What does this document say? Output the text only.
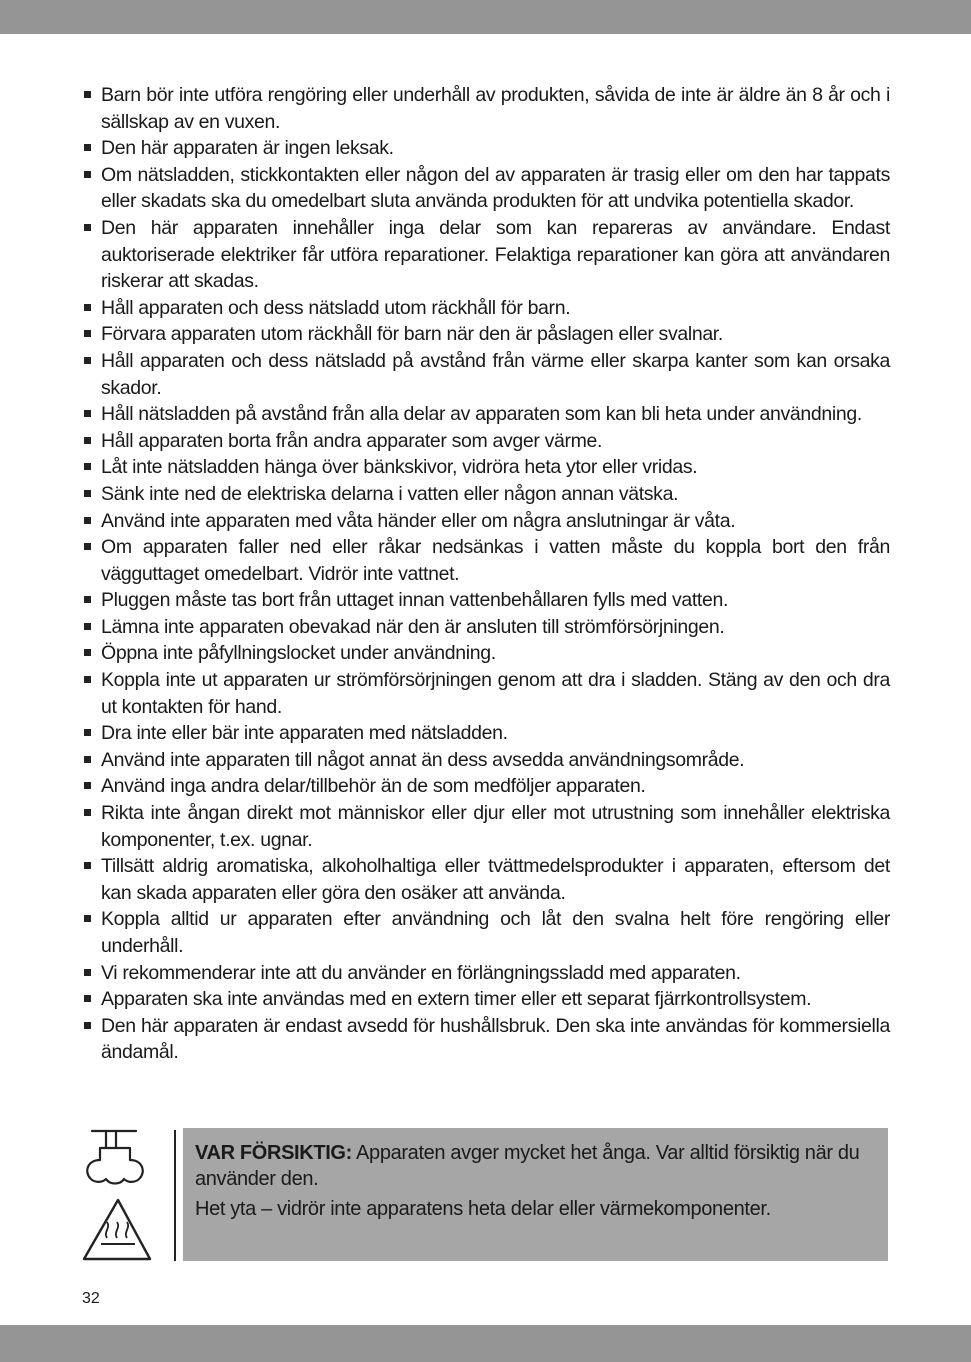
Barn bör inte utföra rengöring eller underhåll av produkten, såvida de inte är äldre än 8 år och i sällskap av en vuxen.
Den här apparaten är ingen leksak.
Om nätsladden, stickkontakten eller någon del av apparaten är trasig eller om den har tappats eller skadats ska du omedelbart sluta använda produkten för att undvika potentiella skador.
Den här apparaten innehåller inga delar som kan repareras av användare. Endast auktoriserade elektriker får utföra reparationer. Felaktiga reparationer kan göra att användaren riskerar att skadas.
Håll apparaten och dess nätsladd utom räckhåll för barn.
Förvara apparaten utom räckhåll för barn när den är påslagen eller svalnar.
Håll apparaten och dess nätsladd på avstånd från värme eller skarpa kanter som kan orsaka skador.
Håll nätsladden på avstånd från alla delar av apparaten som kan bli heta under användning.
Håll apparaten borta från andra apparater som avger värme.
Låt inte nätsladden hänga över bänkskivor, vidröra heta ytor eller vridas.
Sänk inte ned de elektriska delarna i vatten eller någon annan vätska.
Använd inte apparaten med våta händer eller om några anslutningar är våta.
Om apparaten faller ned eller råkar nedsänkas i vatten måste du koppla bort den från vägguttaget omedelbart. Vidrör inte vattnet.
Pluggen måste tas bort från uttaget innan vattenbehållaren fylls med vatten.
Lämna inte apparaten obevakad när den är ansluten till strömförsörjningen.
Öppna inte påfyllningslocket under användning.
Koppla inte ut apparaten ur strömförsörjningen genom att dra i sladden. Stäng av den och dra ut kontakten för hand.
Dra inte eller bär inte apparaten med nätsladden.
Använd inte apparaten till något annat än dess avsedda användningsområde.
Använd inga andra delar/tillbehör än de som medföljer apparaten.
Rikta inte ångan direkt mot människor eller djur eller mot utrustning som innehåller elektriska komponenter, t.ex. ugnar.
Tillsätt aldrig aromatiska, alkoholhaltiga eller tvättmedelsprodukter i apparaten, eftersom det kan skada apparaten eller göra den osäker att använda.
Koppla alltid ur apparaten efter användning och låt den svalna helt före rengöring eller underhåll.
Vi rekommenderar inte att du använder en förlängningssladd med apparaten.
Apparaten ska inte användas med en extern timer eller ett separat fjärrkontrollsystem.
Den här apparaten är endast avsedd för hushållsbruk. Den ska inte användas för kommersiella ändamål.

VAR FÖRSIKTIG: Apparaten avger mycket het ånga. Var alltid försiktig när du använder den.

Het yta – vidrör inte apparatens heta delar eller värmekomponenter.

32
